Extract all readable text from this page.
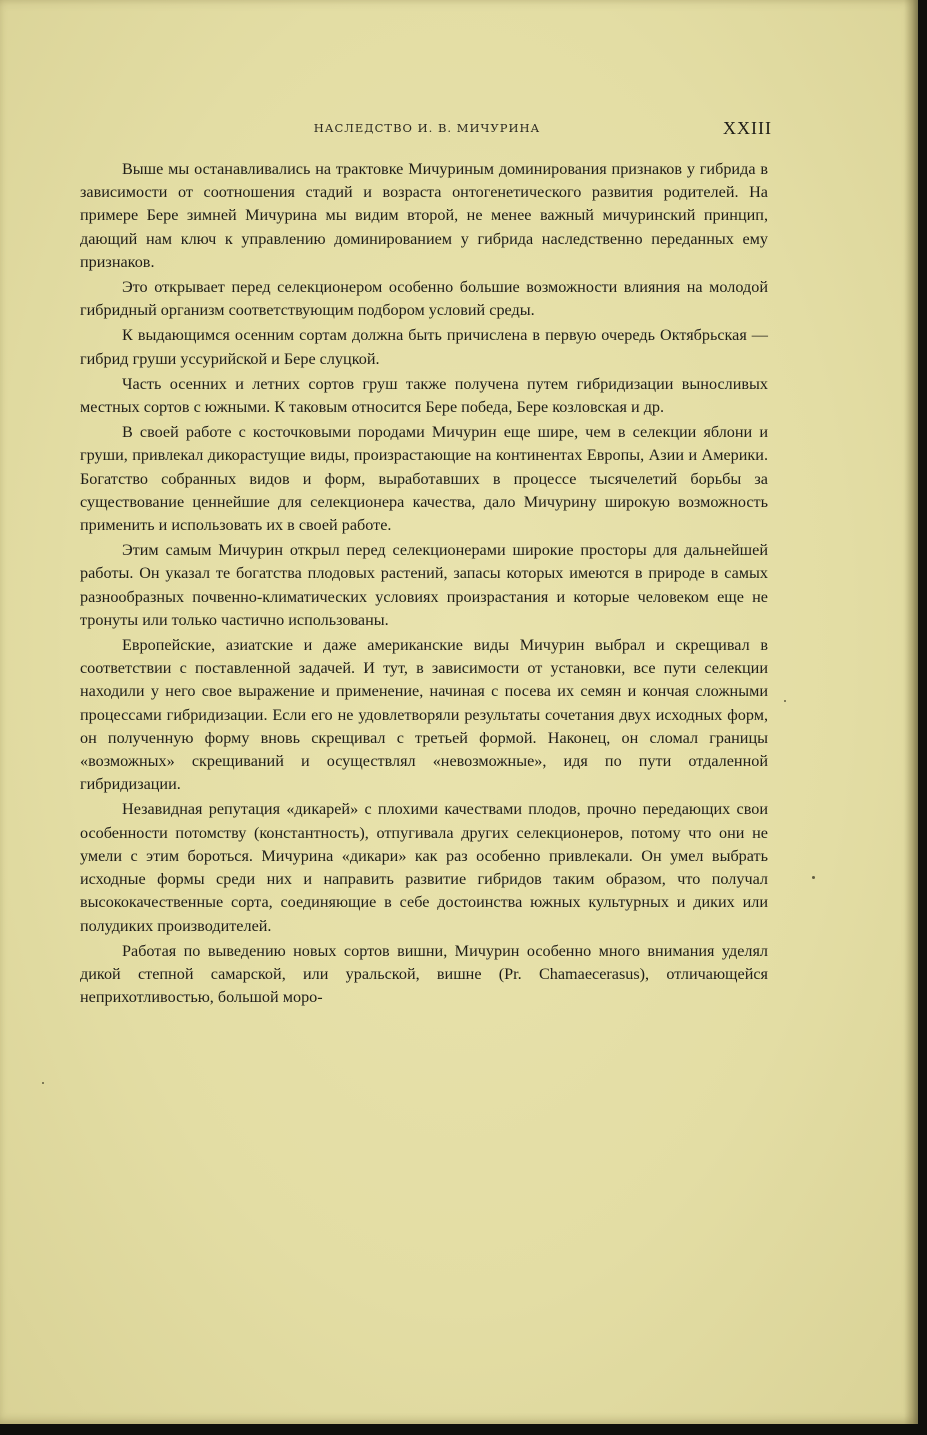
НАСЛЕДСТВО И. В. МИЧУРИНА	XXIII

Выше мы останавливались на трактовке Мичуриным доминирования признаков у гибрида в зависимости от соотношения стадий и возраста онтогенетического развития родителей. На примере Бере зимней Мичурина мы видим второй, не менее важный мичуринский принцип, дающий нам ключ к управлению доминированием у гибрида наследственно переданных ему признаков.

Это открывает перед селекционером особенно большие возможности влияния на молодой гибридный организм соответствующим подбором условий среды.

К выдающимся осенним сортам должна быть причислена в первую очередь Октябрьская — гибрид груши уссурийской и Бере слуцкой.

Часть осенних и летних сортов груш также получена путем гибридизации выносливых местных сортов с южными. К таковым относится Бере победа, Бере козловская и др.

В своей работе с косточковыми породами Мичурин еще шире, чем в селекции яблони и груши, привлекал дикорастущие виды, произрастающие на континентах Европы, Азии и Америки. Богатство собранных видов и форм, выработавших в процессе тысячелетий борьбы за существование ценнейшие для селекционера качества, дало Мичурину широкую возможность применить и использовать их в своей работе.

Этим самым Мичурин открыл перед селекционерами широкие просторы для дальнейшей работы. Он указал те богатства плодовых растений, запасы которых имеются в природе в самых разнообразных почвенно-климатических условиях произрастания и которые человеком еще не тронуты или только частично использованы.

Европейские, азиатские и даже американские виды Мичурин выбрал и скрещивал в соответствии с поставленной задачей. И тут, в зависимости от установки, все пути селекции находили у него свое выражение и применение, начиная с посева их семян и кончая сложными процессами гибридизации. Если его не удовлетворяли результаты сочетания двух исходных форм, он полученную форму вновь скрещивал с третьей формой. Наконец, он сломал границы «возможных» скрещиваний и осуществлял «невозможные», идя по пути отдаленной гибридизации.

Незавидная репутация «дикарей» с плохими качествами плодов, прочно передающих свои особенности потомству (константность), отпугивала других селекционеров, потому что они не умели с этим бороться. Мичурина «дикари» как раз особенно привлекали. Он умел выбрать исходные формы среди них и направить развитие гибридов таким образом, что получал высококачественные сорта, соединяющие в себе достоинства южных культурных и диких или полудиких производителей.

Работая по выведению новых сортов вишни, Мичурин особенно много внимания уделял дикой степной самарской, или уральской, вишне (Pr. Chamaecerasus), отличающейся неприхотливостью, большой моро-
